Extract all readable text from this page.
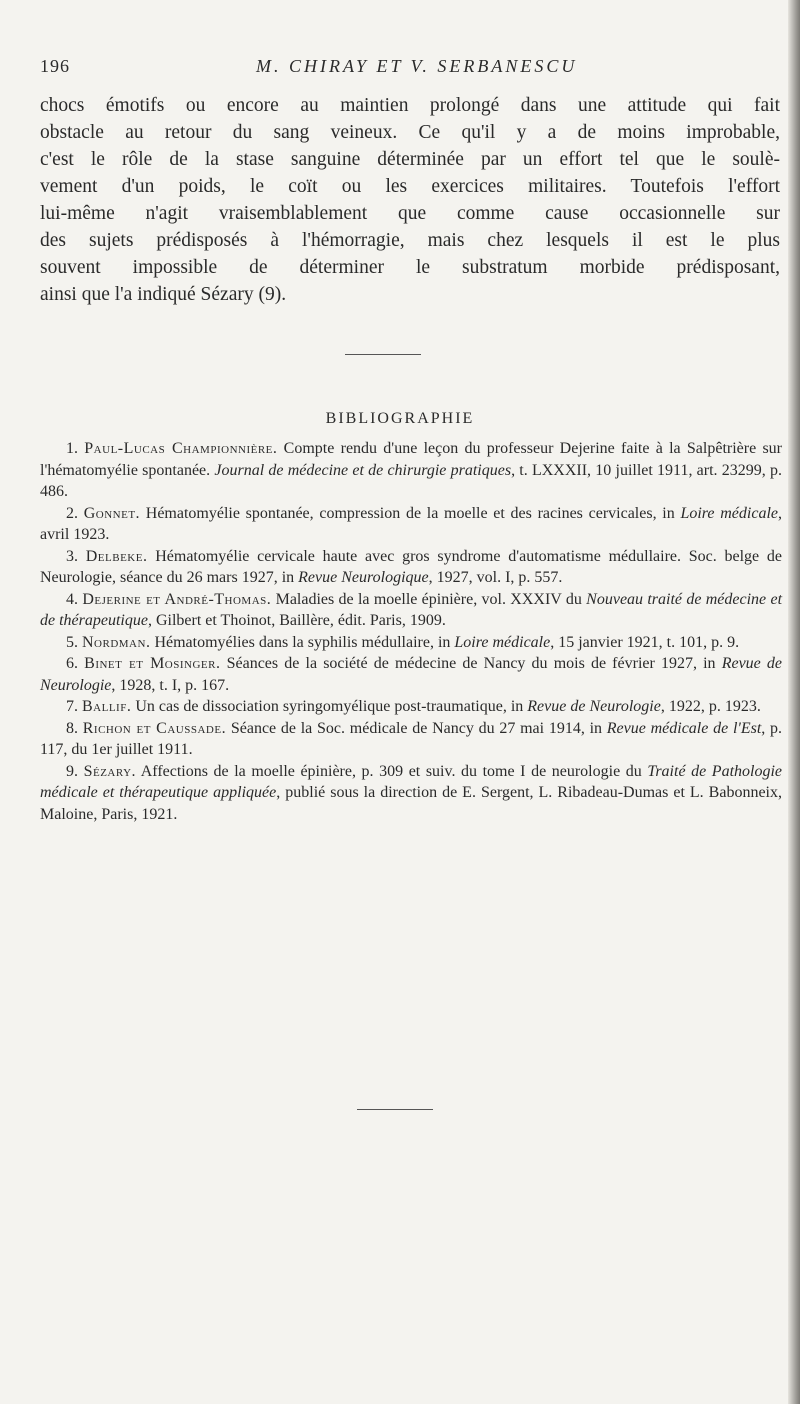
196	M. CHIRAY ET V. SERBANESCU
chocs émotifs ou encore au maintien prolongé dans une attitude qui fait
obstacle au retour du sang veineux. Ce qu'il y a de moins improbable,
c'est le rôle de la stase sanguine déterminée par un effort tel que le soulè-
vement d'un poids, le coït ou les exercices militaires. Toutefois l'effort
lui-même n'agit vraisemblablement que comme cause occasionnelle sur
des sujets prédisposés à l'hémorragie, mais chez lesquels il est le plus
souvent impossible de déterminer le substratum morbide prédisposant,
ainsi que l'a indiqué Sézary (9).
BIBLIOGRAPHIE

1. Paul-Lucas Championnière. Compte rendu d'une leçon du professeur Dejerine faite à la Salpêtrière sur l'hématomyélie spontanée. Journal de médecine et de chirurgie pratiques, t. LXXXII, 10 juillet 1911, art. 23299, p. 486.

2. Gonnet. Hématomyélie spontanée, compression de la moelle et des racines cervicales, in Loire médicale, avril 1923.

3. Delbeke. Hématomyélie cervicale haute avec gros syndrome d'automatisme médullaire. Soc. belge de Neurologie, séance du 26 mars 1927, in Revue Neurologique, 1927, vol. I, p. 557.

4. Dejerine et André-Thomas. Maladies de la moelle épinière, vol. XXXIV du Nouveau traité de médecine et de thérapeutique, Gilbert et Thoinot, Baillère, édit. Paris, 1909.

5. Nordman. Hématomyélies dans la syphilis médullaire, in Loire médicale, 15 janvier 1921, t. 101, p. 9.

6. Binet et Mosinger. Séances de la société de médecine de Nancy du mois de février 1927, in Revue de Neurologie, 1928, t. I, p. 167.

7. Ballif. Un cas de dissociation syringomyélique post-traumatique, in Revue de Neurologie, 1922, p. 1923.

8. Richon et Caussade. Séance de la Soc. médicale de Nancy du 27 mai 1914, in Revue médicale de l'Est, p. 117, du 1er juillet 1911.

9. Sézary. Affections de la moelle épinière, p. 309 et suiv. du tome I de neurologie du Traité de Pathologie médicale et thérapeutique appliquée, publié sous la direction de E. Sergent, L. Ribadeau-Dumas et L. Babonneix, Maloine, Paris, 1921.
